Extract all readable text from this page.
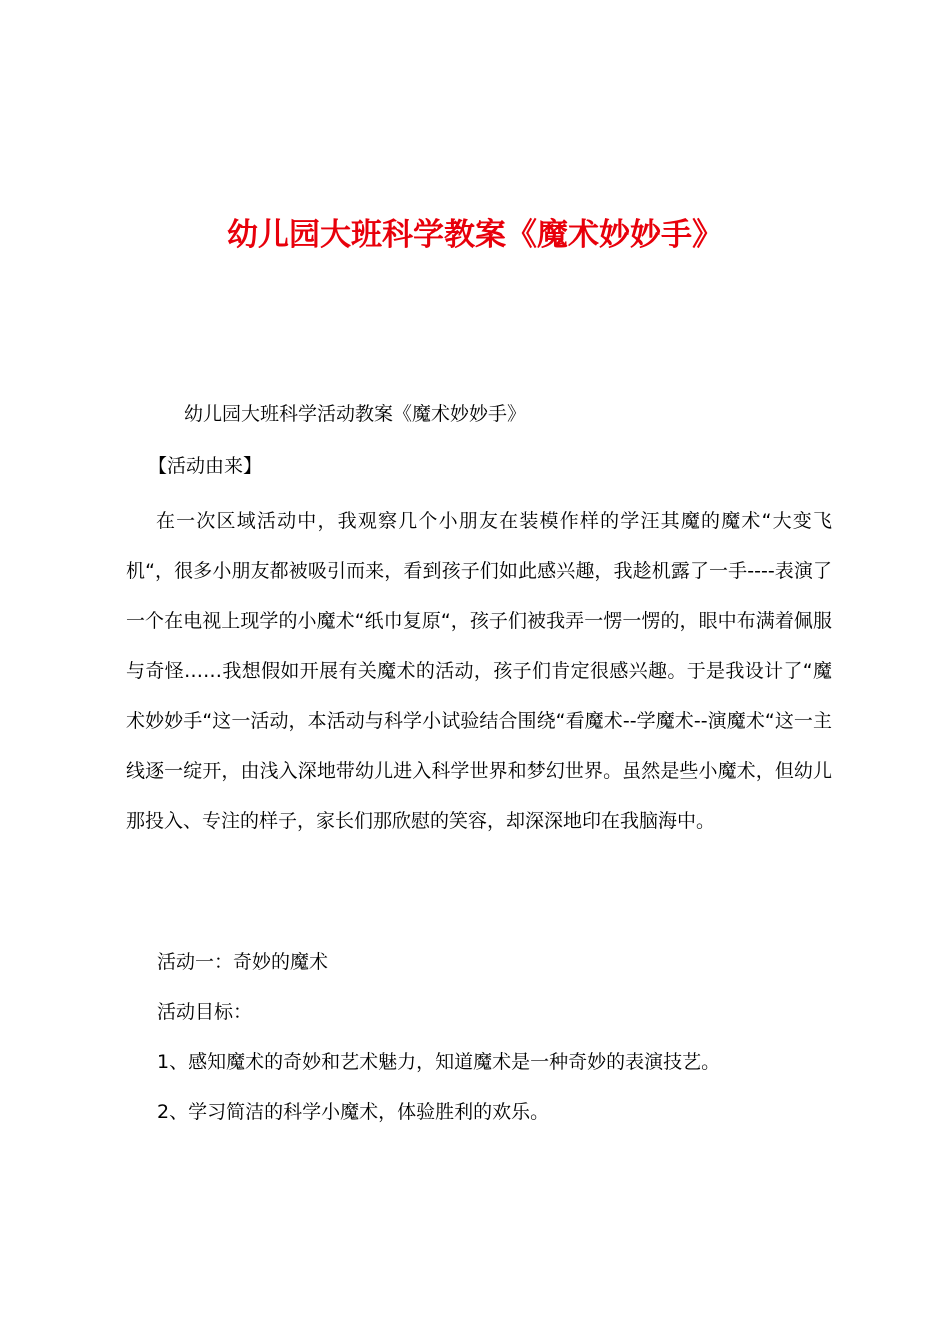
幼儿园大班科学教案《魔术妙妙手》
幼儿园大班科学活动教案《魔术妙妙手》
【活动由来】
在一次区域活动中，我观察几个小朋友在装模作样的学汪其魔的魔术“大变飞机“，很多小朋友都被吸引而来，看到孩子们如此感兴趣，我趁机露了一手----表演了一个在电视上现学的小魔术“纸巾复原“，孩子们被我弄一愣一愣的，眼中布满着佩服与奇怪……我想假如开展有关魔术的活动，孩子们肯定很感兴趣。于是我设计了“魔术妙妙手“这一活动，本活动与科学小试验结合围绕“看魔术--学魔术--演魔术“这一主线逐一绽开，由浅入深地带幼儿进入科学世界和梦幻世界。虽然是些小魔术，但幼儿那投入、专注的样子，家长们那欣慰的笑容，却深深地印在我脑海中。
活动一：奇妙的魔术
活动目标：
1、感知魔术的奇妙和艺术魅力，知道魔术是一种奇妙的表演技艺。
2、学习简洁的科学小魔术，体验胜利的欢乐。
